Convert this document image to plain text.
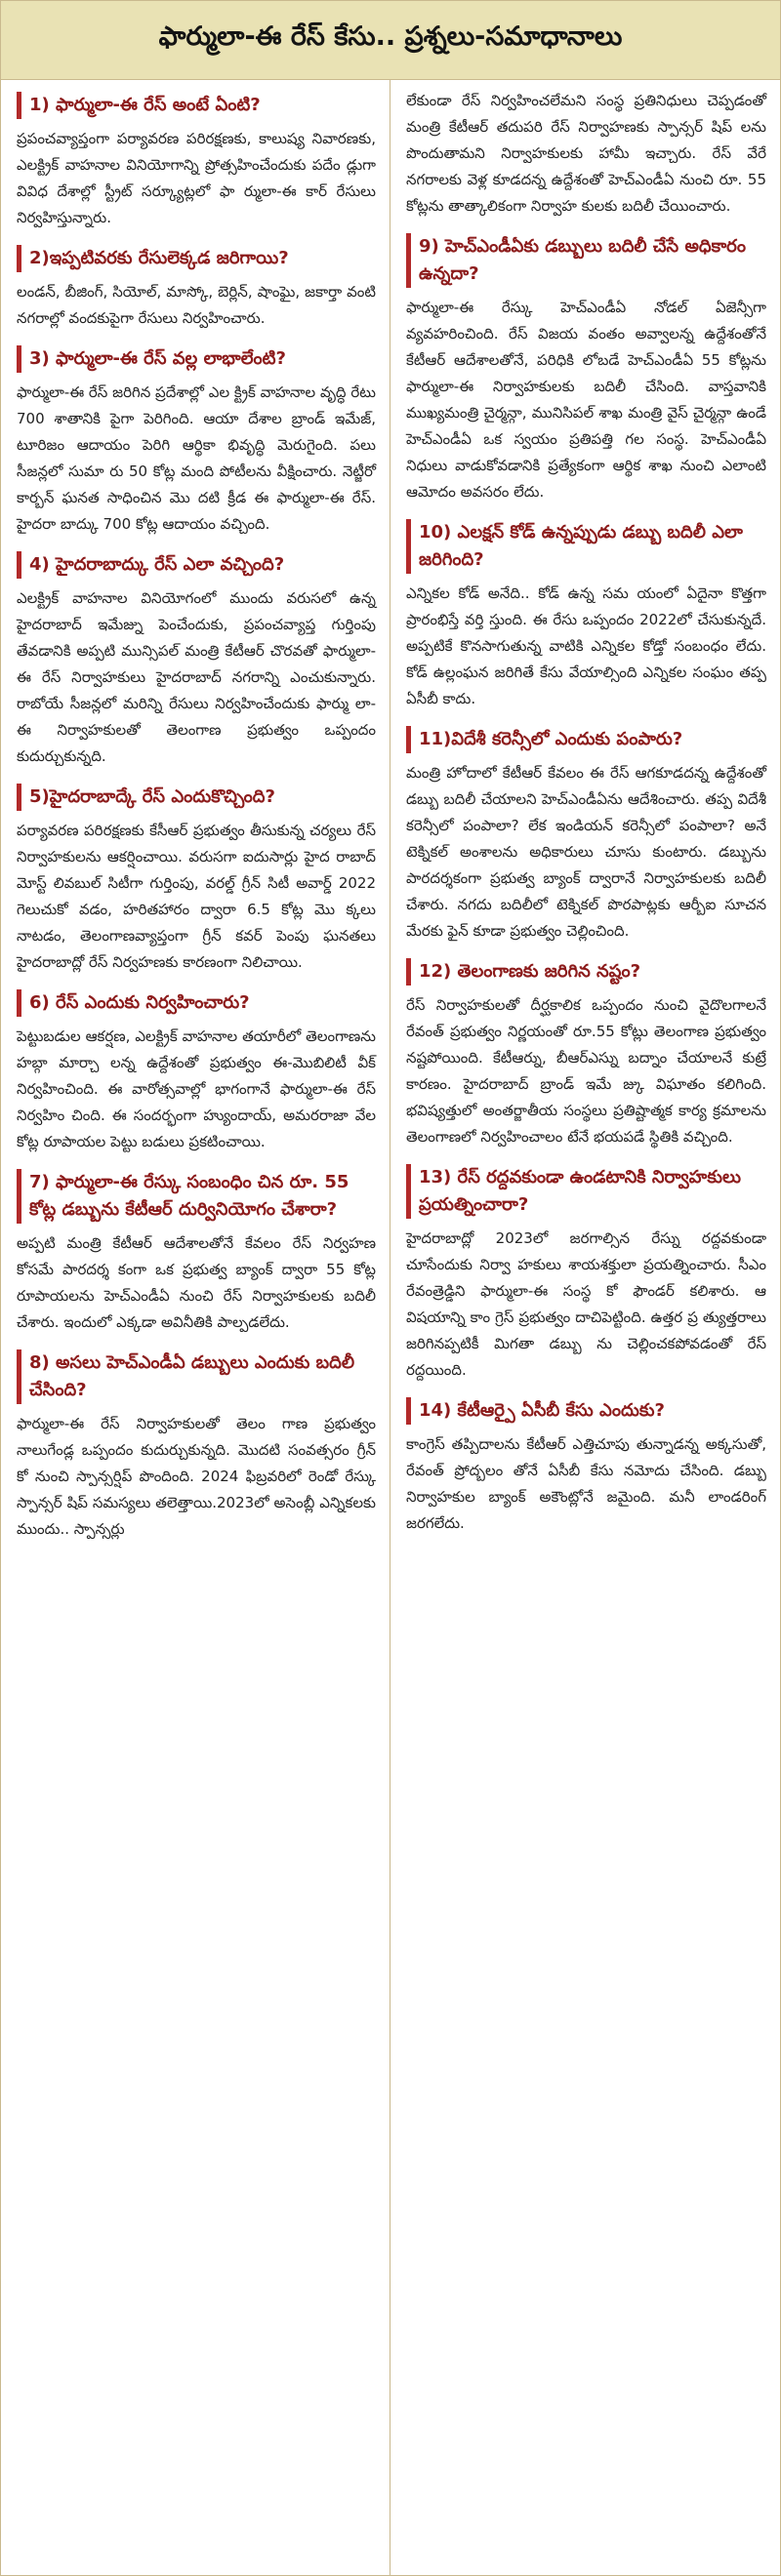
ఫార్ములా-ఈ రేస్ కేసు.. ప్రశ్నలు-సమాధానాలు
1) ఫార్ములా-ఈ రేస్ అంటే ఏంటి?

ప్రపంచవ్యాప్తంగా పర్యావరణ పరిరక్షణకు, కాలుష్య నివారణకు, ఎలక్ట్రిక్ వాహనాల వినియోగాన్ని ప్రోత్సహించేందుకు పదేం డ్లుగా వివిధ దేశాల్లో స్ట్రీట్ సర్క్యూట్లలో ఫా ర్ములా-ఈ కార్ రేసులు నిర్వహిస్తున్నారు.

2)ఇప్పటివరకు రేసులెక్కడ జరిగాయి?

లండన్, బీజింగ్, సియోల్, మాస్కో, బెర్లిన్, షాంఘై, జకార్తా వంటి నగరాల్లో వందకుపైగా రేసులు నిర్వహించారు.

3) ఫార్ములా-ఈ రేస్ వల్ల లాభాలేంటి?

ఫార్ములా-ఈ రేస్ జరిగిన ప్రదేశాల్లో ఎల క్ట్రిక్ వాహనాల వృద్ధి రేటు 700 శాతానికి పైగా పెరిగింది. ఆయా దేశాల బ్రాండ్ ఇమేజ్, టూరిజం ఆదాయం పెరిగి ఆర్థికా భివృద్ధి మెరుగైంది. పలు సీజన్లలో సుమా రు 50 కోట్ల మంది పోటీలను వీక్షించారు. నెట్జీరో కార్బన్ ఘనత సాధించిన మొ దటి క్రీడ ఈ ఫార్ములా-ఈ రేస్. హైదరా బాద్కు 700 కోట్ల ఆదాయం వచ్చింది.

4) హైదరాబాద్కు రేస్ ఎలా వచ్చింది?

ఎలక్ట్రిక్ వాహనాల వినియోగంలో ముందు వరుసలో ఉన్న హైదరాబాద్ ఇమేజ్ను పెంచేందుకు, ప్రపంచవ్యాప్త గుర్తింపు తేవడానికి అప్పటి మున్సిపల్ మంత్రి కేటీఆర్ చొరవతో ఫార్ములా-ఈ రేస్ నిర్వాహకులు హైదరాబాద్ నగరాన్ని ఎంచుకున్నారు. రాబోయే సీజన్లలో మరిన్ని రేసులు నిర్వహించేందుకు ఫార్ము లా-ఈ నిర్వాహకులతో తెలంగాణ ప్రభుత్వం ఒప్పందం కుదుర్చుకున్నది.

5)హైదరాబాద్కే రేస్ ఎందుకొచ్చింది?

పర్యావరణ పరిరక్షణకు కేసీఆర్ ప్రభుత్వం తీసుకున్న చర్యలు రేస్ నిర్వాహకులను ఆకర్షించాయి. వరుసగా ఐదుసార్లు హైద రాబాద్ మోస్ట్ లివబుల్ సిటీగా గుర్తింపు, వరల్డ్ గ్రీన్ సిటీ అవార్డ్ 2022 గెలుచుకో వడం, హరితహారం ద్వారా 6.5 కోట్ల మొ క్కలు నాటడం, తెలంగాణవ్యాప్తంగా గ్రీన్ కవర్ పెంపు ఘనతలు హైదరాబాద్లో రేస్ నిర్వహణకు కారణంగా నిలిచాయి.

6) రేస్ ఎందుకు నిర్వహించారు?

పెట్టుబడుల ఆకర్షణ, ఎలక్ట్రిక్ వాహనాల తయారీలో తెలంగాణను హబ్గా మార్చా లన్న ఉద్దేశంతో ప్రభుత్వం ఈ-మొబిలిటీ వీక్ నిర్వహించింది. ఈ వారోత్సవాల్లో భాగంగానే ఫార్ములా-ఈ రేస్ నిర్వహిం చింది. ఈ సందర్భంగా హ్యుందాయ్, అమరరాజా వేల కోట్ల రూపాయల పెట్టు బడులు ప్రకటించాయి.

7) ఫార్ములా-ఈ రేస్కు సంబంధిం చిన రూ. 55 కోట్ల డబ్బును కేటీఆర్ దుర్వినియోగం చేశారా?

అప్పటి మంత్రి కేటీఆర్ ఆదేశాలతోనే కేవలం రేస్ నిర్వహణ కోసమే పారదర్శ కంగా ఒక ప్రభుత్వ బ్యాంక్ ద్వారా 55 కోట్ల రూపాయలను హెచ్ఎండీఏ నుంచి రేస్ నిర్వాహకులకు బదిలీ చేశారు. ఇందులో ఎక్కడా అవినీతికి పాల్పడలేదు.

8) అసలు హెచ్ఎండీఏ డబ్బులు ఎందుకు బదిలీ చేసింది?

ఫార్ములా-ఈ రేస్ నిర్వాహకులతో తెలం గాణ ప్రభుత్వం నాలుగేండ్ల ఒప్పందం కుదుర్చుకున్నది. మొదటి సంవత్సరం గ్రీన్ కో నుంచి స్పాన్సర్షిప్ పొందింది. 2024 ఫిబ్రవరిలో రెండో రేస్కు స్పాన్సర్ షిప్ సమస్యలు తలెత్తాయి.2023లో అసెంబ్లీ ఎన్నికలకు ముందు.. స్పాన్సర్లు

లేకుండా రేస్ నిర్వహించలేమని సంస్థ ప్రతినిధులు చెప్పడంతో మంత్రి కేటీఆర్ తదుపరి రేస్ నిర్వాహణకు స్పాన్సర్ షిప్ లను పొందుతామని నిర్వాహకులకు హామీ ఇచ్చారు. రేస్ వేరే నగరాలకు వెళ్ల కూడదన్న ఉద్దేశంతో హెచ్ఎండీఏ నుంచి రూ. 55 కోట్లను తాత్కాలికంగా నిర్వాహ కులకు బదిలీ చేయించారు.

9) హెచ్ఎండీఏకు డబ్బులు బదిలీ చేసే అధికారం ఉన్నదా?

ఫార్ములా-ఈ రేస్కు హెచ్ఎండీఏ నోడల్ ఏజెన్సీగా వ్యవహరించింది. రేస్ విజయ వంతం అవ్వాలన్న ఉద్దేశంతోనే కేటీఆర్ ఆదేశాలతోనే, పరిధికి లోబడే హెచ్ఎండీఏ 55 కోట్లను ఫార్ములా-ఈ నిర్వాహకులకు బదిలీ చేసింది. వాస్తవానికి ముఖ్యమంత్రి చైర్మన్గా, మునిసిపల్ శాఖ మంత్రి వైస్ చైర్మన్గా ఉండే హెచ్ఎండీఏ ఒక స్వయం ప్రతిపత్తి గల సంస్థ. హెచ్ఎండీఏ నిధులు వాడుకోవడానికి ప్రత్యేకంగా ఆర్థిక శాఖ నుంచి ఎలాంటి ఆమోదం అవసరం లేదు.

10) ఎలక్షన్ కోడ్ ఉన్నప్పుడు డబ్బు బదిలీ ఎలా జరిగింది?

ఎన్నికల కోడ్ అనేది.. కోడ్ ఉన్న సమ యంలో ఏదైనా కొత్తగా ప్రారంభిస్తే వర్తి స్తుంది. ఈ రేసు ఒప్పందం 2022లో చేసుకున్నదే. అప్పటికే కొనసాగుతున్న వాటికి ఎన్నికల కోడ్తో సంబంధం లేదు. కోడ్ ఉల్లంఘన జరిగితే కేసు వేయాల్సింది ఎన్నికల సంఘం తప్ప ఏసీబీ కాదు.

11)విదేశీ కరెన్సీలో ఎందుకు పంపారు?

మంత్రి హోదాలో కేటీఆర్ కేవలం ఈ రేస్ ఆగకూడదన్న ఉద్దేశంతో డబ్బు బదిలీ చేయాలని హెచ్ఎండీఏను ఆదేశించారు. తప్ప విదేశీ కరెన్సీలో పంపాలా? లేక ఇండియన్ కరెన్సీలో పంపాలా? అనే టెక్నికల్ అంశాలను అధికారులు చూసు కుంటారు. డబ్బును పారదర్శకంగా ప్రభుత్వ బ్యాంక్ ద్వారానే నిర్వాహకులకు బదిలీ చేశారు. నగదు బదిలీలో టెక్నికల్ పొరపాట్లకు ఆర్బీఐ సూచన మేరకు ఫైన్ కూడా ప్రభుత్వం చెల్లించింది.

12) తెలంగాణకు జరిగిన నష్టం?

రేస్ నిర్వాహకులతో దీర్ఘకాలిక ఒప్పందం నుంచి వైదొలగాలనే రేవంత్ ప్రభుత్వం నిర్ణయంతో రూ.55 కోట్లు తెలంగాణ ప్రభుత్వం నష్టపోయింది. కేటీఆర్ను, బీఆర్ఎస్ను బద్నాం చేయాలనే కుట్రే కారణం. హైదరాబాద్ బ్రాండ్ ఇమే జ్కు విఘాతం కలిగింది. భవిష్యత్తులో అంతర్జాతీయ సంస్థలు ప్రతిష్టాత్మక కార్య క్రమాలను తెలంగాణలో నిర్వహించాలం టేనే భయపడే స్థితికి వచ్చింది.

13) రేస్ రద్దవకుండా ఉండటానికి నిర్వాహకులు ప్రయత్నించారా?

హైదరాబాద్లో 2023లో జరగాల్సిన రేస్ను రద్దవకుండా చూసేందుకు నిర్వా హకులు శాయశక్తులా ప్రయత్నించారు. సీఎం రేవంత్రెడ్డిని ఫార్ములా-ఈ సంస్థ కో ఫౌండర్ కలిశారు. ఆ విషయాన్ని కాం గ్రెస్ ప్రభుత్వం దాచిపెట్టింది. ఉత్తర ప్ర త్యుత్తరాలు జరిగినప్పటికీ మిగతా డబ్బు ను చెల్లించకపోవడంతో రేస్ రద్దయింది.

14) కేటీఆర్పై ఏసీబీ కేసు ఎందుకు?

కాంగ్రెస్ తప్పిదాలను కేటీఆర్ ఎత్తిచూపు తున్నాడన్న అక్కసుతో, రేవంత్ ప్రోద్బలం తోనే ఏసీబీ కేసు నమోదు చేసింది. డబ్బు నిర్వాహకుల బ్యాంక్ అకౌంట్లోనే జమైంది. మనీ లాండరింగ్ జరగలేదు.
